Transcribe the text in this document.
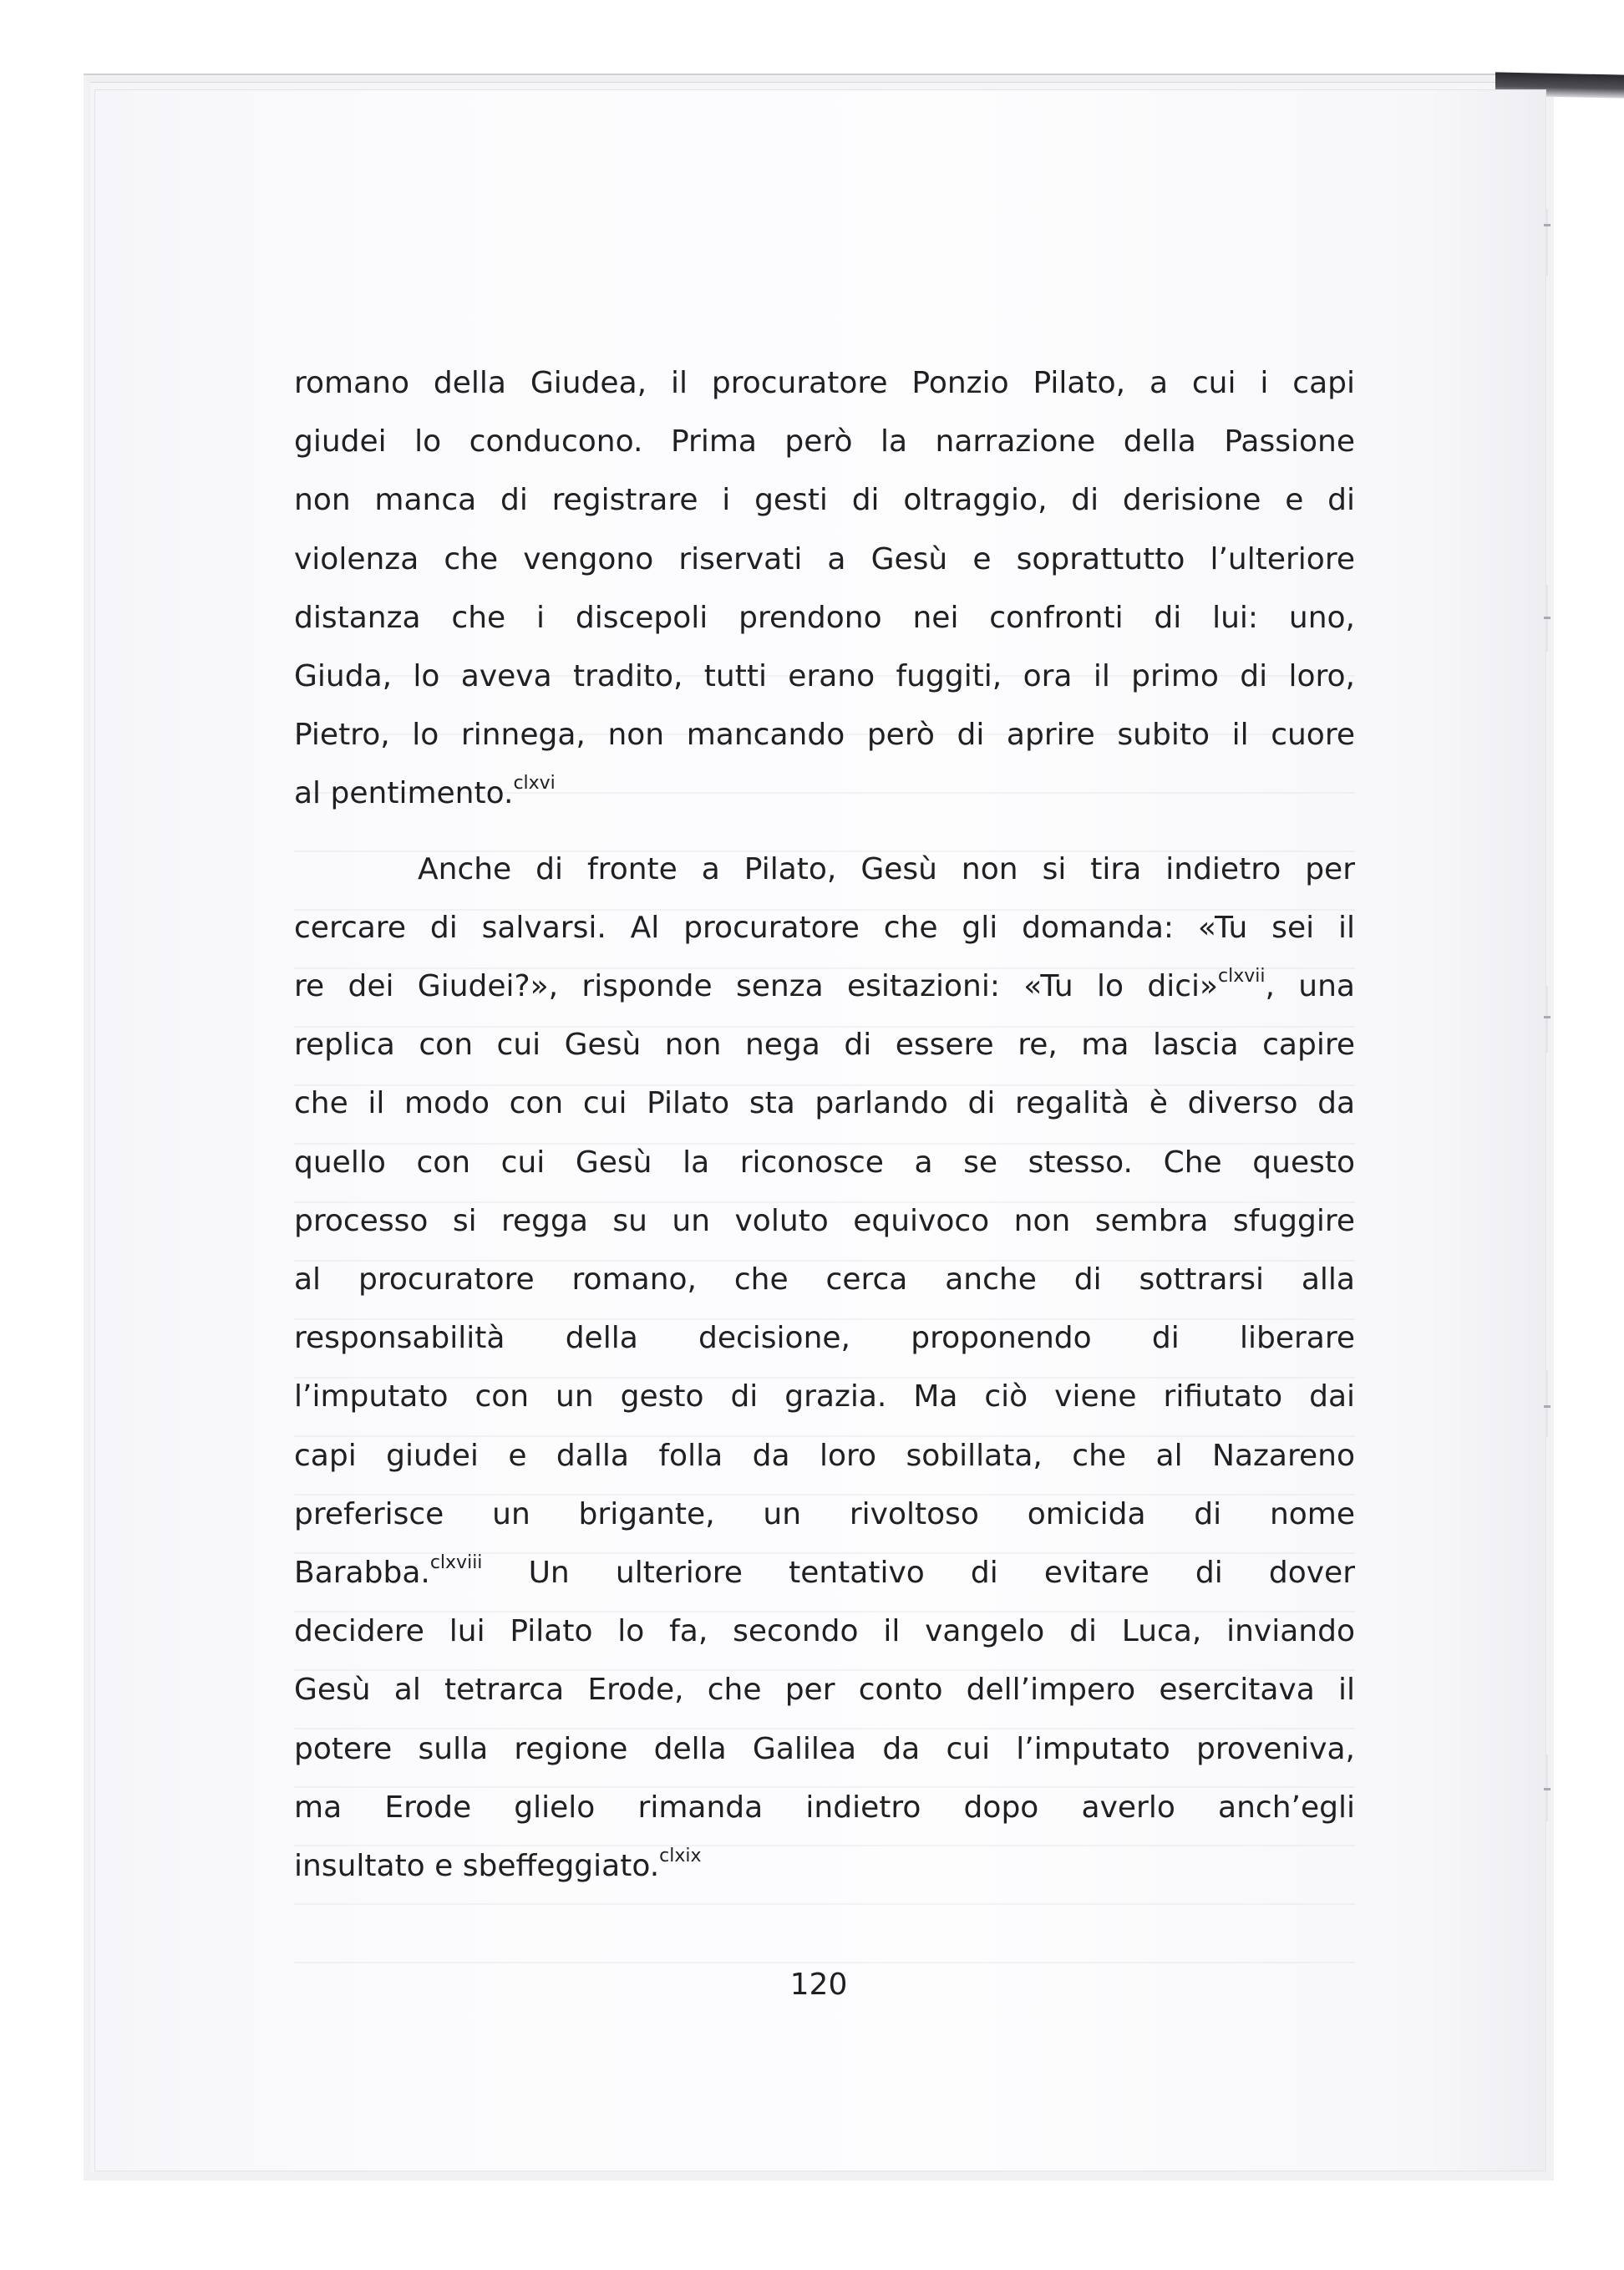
romano della Giudea, il procuratore Ponzio Pilato, a cui i capi
giudei lo conducono. Prima però la narrazione della Passione
non manca di registrare i gesti di oltraggio, di derisione e di
violenza che vengono riservati a Gesù e soprattutto l’ulteriore
distanza che i discepoli prendono nei confronti di lui: uno,
Giuda, lo aveva tradito, tutti erano fuggiti, ora il primo di loro,
Pietro, lo rinnega, non mancando però di aprire subito il cuore
al pentimento.$^{clxvi}$
Anche di fronte a Pilato, Gesù non si tira indietro per
cercare di salvarsi. Al procuratore che gli domanda: «Tu sei il
re dei Giudei?», risponde senza esitazioni: «Tu lo dici»$^{clxvii}$, una
replica con cui Gesù non nega di essere re, ma lascia capire
che il modo con cui Pilato sta parlando di regalità è diverso da
quello con cui Gesù la riconosce a se stesso. Che questo
processo si regga su un voluto equivoco non sembra sfuggire
al procuratore romano, che cerca anche di sottrarsi alla
responsabilità della decisione, proponendo di liberare
l’imputato con un gesto di grazia. Ma ciò viene rifiutato dai
capi giudei e dalla folla da loro sobillata, che al Nazareno
preferisce un brigante, un rivoltoso omicida di nome
Barabba.$^{clxviii}$ Un ulteriore tentativo di evitare di dover
decidere lui Pilato lo fa, secondo il vangelo di Luca, inviando
Gesù al tetrarca Erode, che per conto dell’impero esercitava il
potere sulla regione della Galilea da cui l’imputato proveniva,
ma Erode glielo rimanda indietro dopo averlo anch’egli
insultato e sbeffeggiato.$^{clxix}$
120
